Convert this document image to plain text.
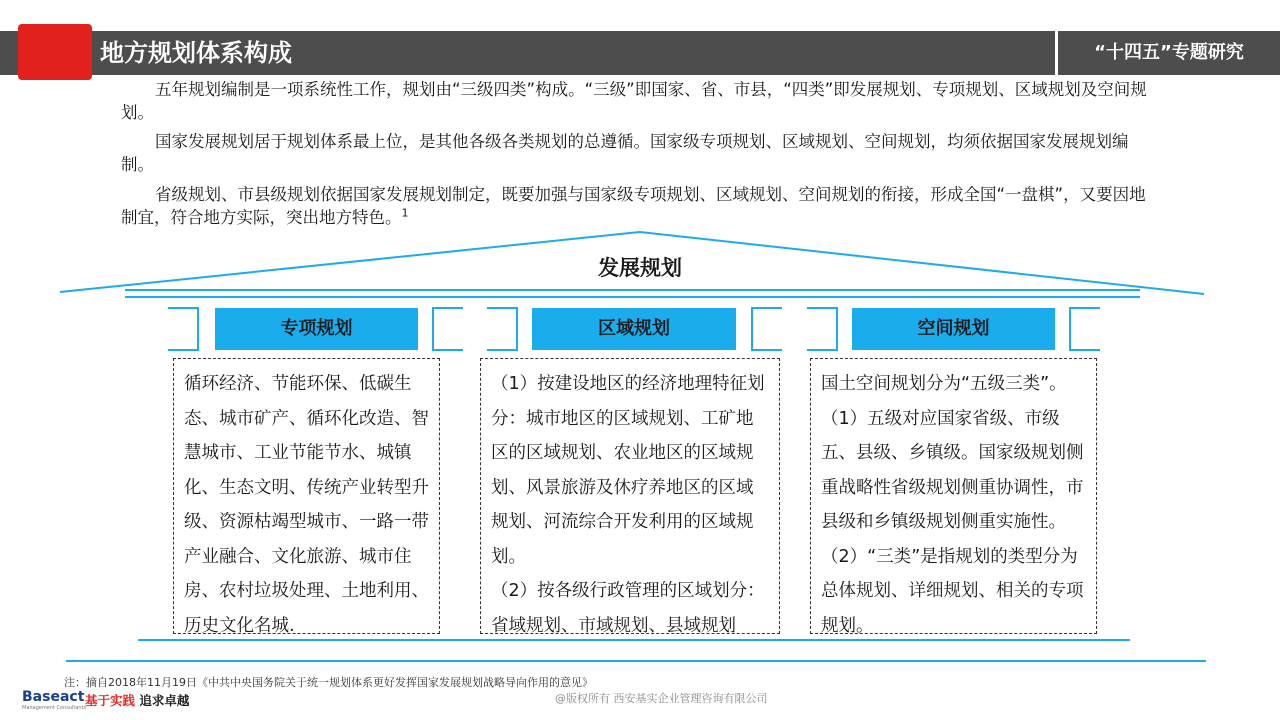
地方规划体系构成	“十四五”专题研究

五年规划编制是一项系统性工作，规划由“三级四类”构成。“三级”即国家、省、市县，“四类”即发展规划、专项规划、区域规划及空间规划。

国家发展规划居于规划体系最上位，是其他各级各类规划的总遵循。国家级专项规划、区域规划、空间规划，均须依据国家发展规划编制。

省级规划、市县级规划依据国家发展规划制定，既要加强与国家级专项规划、区域规划、空间规划的衔接，形成全国“一盘棋”，又要因地制宜，符合地方实际，突出地方特色。$^1$

发展规划
专项规划	区域规划	空间规划

循环经济、节能环保、低碳生态、城市矿产、循环化改造、智慧城市、工业节能节水、城镇化、生态文明、传统产业转型升级、资源枯竭型城市、一路一带产业融合、文化旅游、城市住房、农村垃圾处理、土地利用、历史文化名城.

（1）按建设地区的经济地理特征划分：城市地区的区域规划、工矿地区的区域规划、农业地区的区域规划、风景旅游及休疗养地区的区域规划、河流综合开发利用的区域规划。

（2）按各级行政管理的区域划分：省域规划、市域规划、县域规划

国土空间规划分为“五级三类”。

（1）五级对应国家省级、市级五、县级、乡镇级。国家级规划侧重战略性省级规划侧重协调性，市县级和乡镇级规划侧重实施性。

（2）“三类”是指规划的类型分为总体规划、详细规划、相关的专项规划。

注：摘自2018年11月19日《中共中央国务院关于统一规划体系更好发挥国家发展规划战略导向作用的意见》
Baseact
Management Consultants
基于实践 追求卓越	@版权所有 西安基实企业管理咨询有限公司
